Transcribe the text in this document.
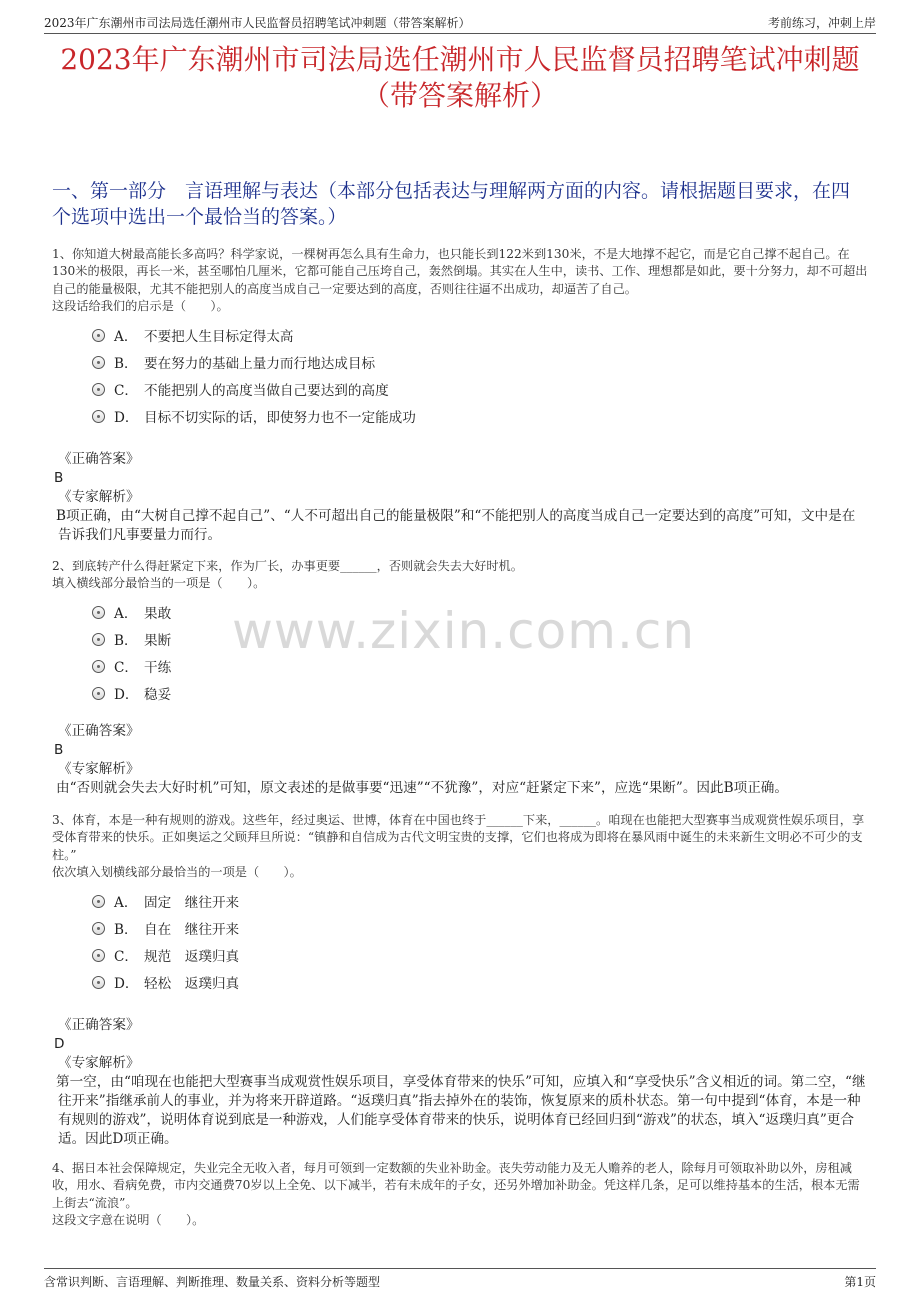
2023年广东潮州市司法局选任潮州市人民监督员招聘笔试冲刺题（带答案解析）	考前练习，冲刺上岸
2023年广东潮州市司法局选任潮州市人民监督员招聘笔试冲刺题（带答案解析）
一、第一部分　言语理解与表达（本部分包括表达与理解两方面的内容。请根据题目要求，在四个选项中选出一个最恰当的答案。）
www.zixin.com.cn
1、你知道大树最高能长多高吗？科学家说，一棵树再怎么具有生命力，也只能长到122米到130米，不是大地撑不起它，而是它自己撑不起自己。在130米的极限，再长一米，甚至哪怕几厘米，它都可能自己压垮自己，轰然倒塌。其实在人生中，读书、工作、理想都是如此，要十分努力，却不可超出自己的能量极限，尤其不能把别人的高度当成自己一定要达到的高度，否则往往逼不出成功，却逼苦了自己。
这段话给我们的启示是（　　）。
A． 不要把人生目标定得太高
B． 要在努力的基础上量力而行地达成目标
C． 不能把别人的高度当做自己要达到的高度
D． 目标不切实际的话，即使努力也不一定能成功
《正确答案》
B
《专家解析》
B项正确，由“大树自己撑不起自己”、“人不可超出自己的能量极限”和“不能把别人的高度当成自己一定要达到的高度”可知，文中是在告诉我们凡事要量力而行。
2、到底转产什么得赶紧定下来，作为厂长，办事更要______，否则就会失去大好时机。
填入横线部分最恰当的一项是（　　）。
A． 果敢
B． 果断
C． 干练
D． 稳妥
《正确答案》
B
《专家解析》
由“否则就会失去大好时机”可知，原文表述的是做事要“迅速”“不犹豫”，对应“赶紧定下来”，应选“果断”。因此B项正确。
3、体育，本是一种有规则的游戏。这些年，经过奥运、世博，体育在中国也终于______下来，______。咱现在也能把大型赛事当成观赏性娱乐项目，享受体育带来的快乐。正如奥运之父顾拜旦所说：“镇静和自信成为古代文明宝贵的支撑，它们也将成为即将在暴风雨中诞生的未来新生文明必不可少的支柱。”
依次填入划横线部分最恰当的一项是（　　）。
A． 固定　继往开来
B． 自在　继往开来
C． 规范　返璞归真
D． 轻松　返璞归真
《正确答案》
D
《专家解析》
第一空，由“咱现在也能把大型赛事当成观赏性娱乐项目，享受体育带来的快乐”可知，应填入和“享受快乐”含义相近的词。第二空，“继往开来”指继承前人的事业，并为将来开辟道路。“返璞归真”指去掉外在的装饰，恢复原来的质朴状态。第一句中提到“体育，本是一种有规则的游戏”，说明体育说到底是一种游戏，人们能享受体育带来的快乐，说明体育已经回归到“游戏”的状态，填入“返璞归真”更合适。因此D项正确。
4、据日本社会保障规定，失业完全无收入者，每月可领到一定数额的失业补助金。丧失劳动能力及无人赡养的老人，除每月可领取补助以外，房租减收，用水、看病免费，市内交通费70岁以上全免、以下减半，若有未成年的子女，还另外增加补助金。凭这样几条，足可以维持基本的生活，根本无需上街去“流浪”。
这段文字意在说明（　　）。
含常识判断、言语理解、判断推理、数量关系、资料分析等题型	第1页
